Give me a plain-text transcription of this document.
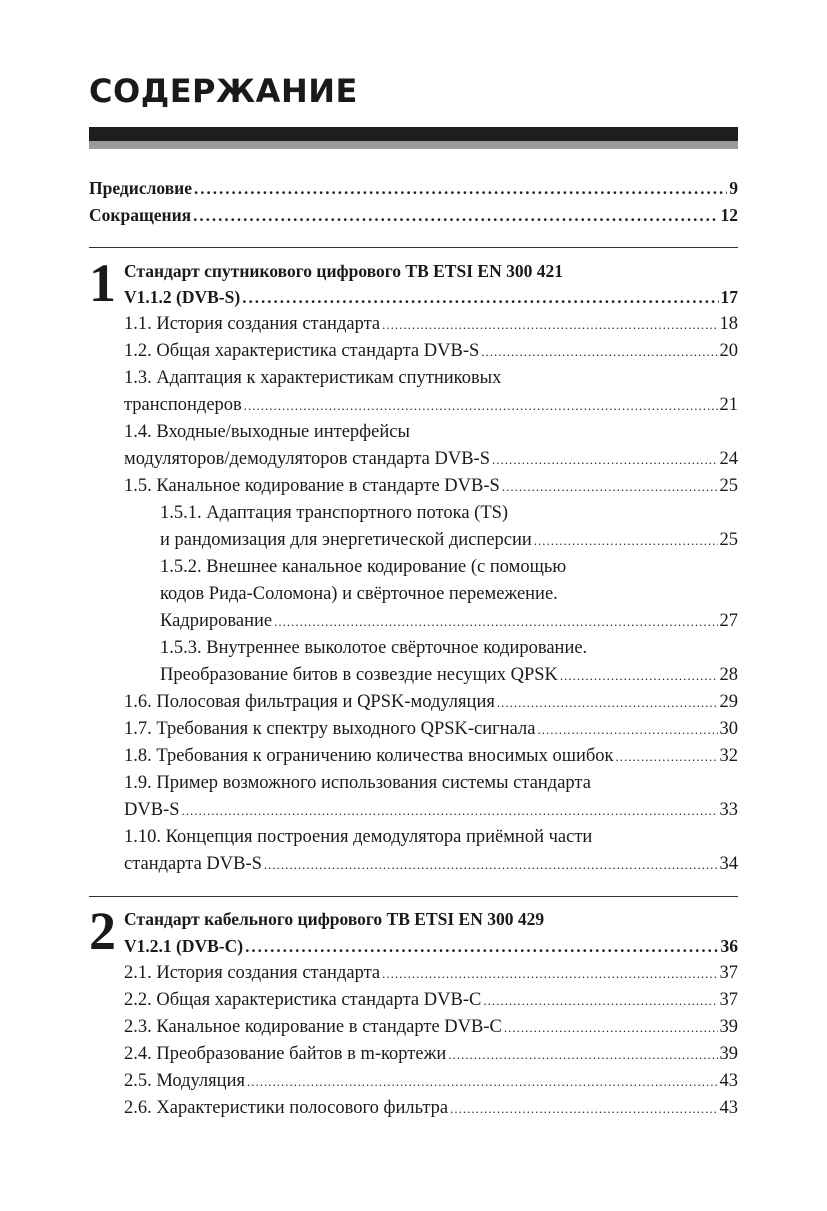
СОДЕРЖАНИЕ
Предисловие .....	9
Сокращения .....	12
1 Стандарт спутникового цифрового ТВ ETSI EN 300 421
V1.1.2 (DVB-S) .....	17
1.1. История создания стандарта .....	18
1.2. Общая характеристика стандарта DVB-S .....	20
1.3. Адаптация к характеристикам спутниковых
транспондеров .....	21
1.4. Входные/выходные интерфейсы
модуляторов/демодуляторов стандарта DVB-S .....	24
1.5. Канальное кодирование в стандарте DVB-S .....	25
1.5.1. Адаптация транспортного потока (TS)
и рандомизация для энергетической дисперсии .....	25
1.5.2. Внешнее канальное кодирование (с помощью
кодов Рида-Соломона) и свёрточное перемежение.
Кадрирование .....	27
1.5.3. Внутреннее выколотое свёрточное кодирование.
Преобразование битов в созвездие несущих QPSK .....	28
1.6. Полосовая фильтрация и QPSK-модуляция .....	29
1.7. Требования к спектру выходного QPSK-сигнала .....	30
1.8. Требования к ограничению количества вносимых ошибок .....	32
1.9. Пример возможного использования системы стандарта
DVB-S .....	33
1.10. Концепция построения демодулятора приёмной части
стандарта DVB-S .....	34
2 Стандарт кабельного цифрового ТВ ETSI EN 300 429
V1.2.1 (DVB-C) .....	36
2.1. История создания стандарта .....	37
2.2. Общая характеристика стандарта DVB-C .....	37
2.3. Канальное кодирование в стандарте DVB-C .....	39
2.4. Преобразование байтов в m-кортежи .....	39
2.5. Модуляция .....	43
2.6. Характеристики полосового фильтра .....	43
